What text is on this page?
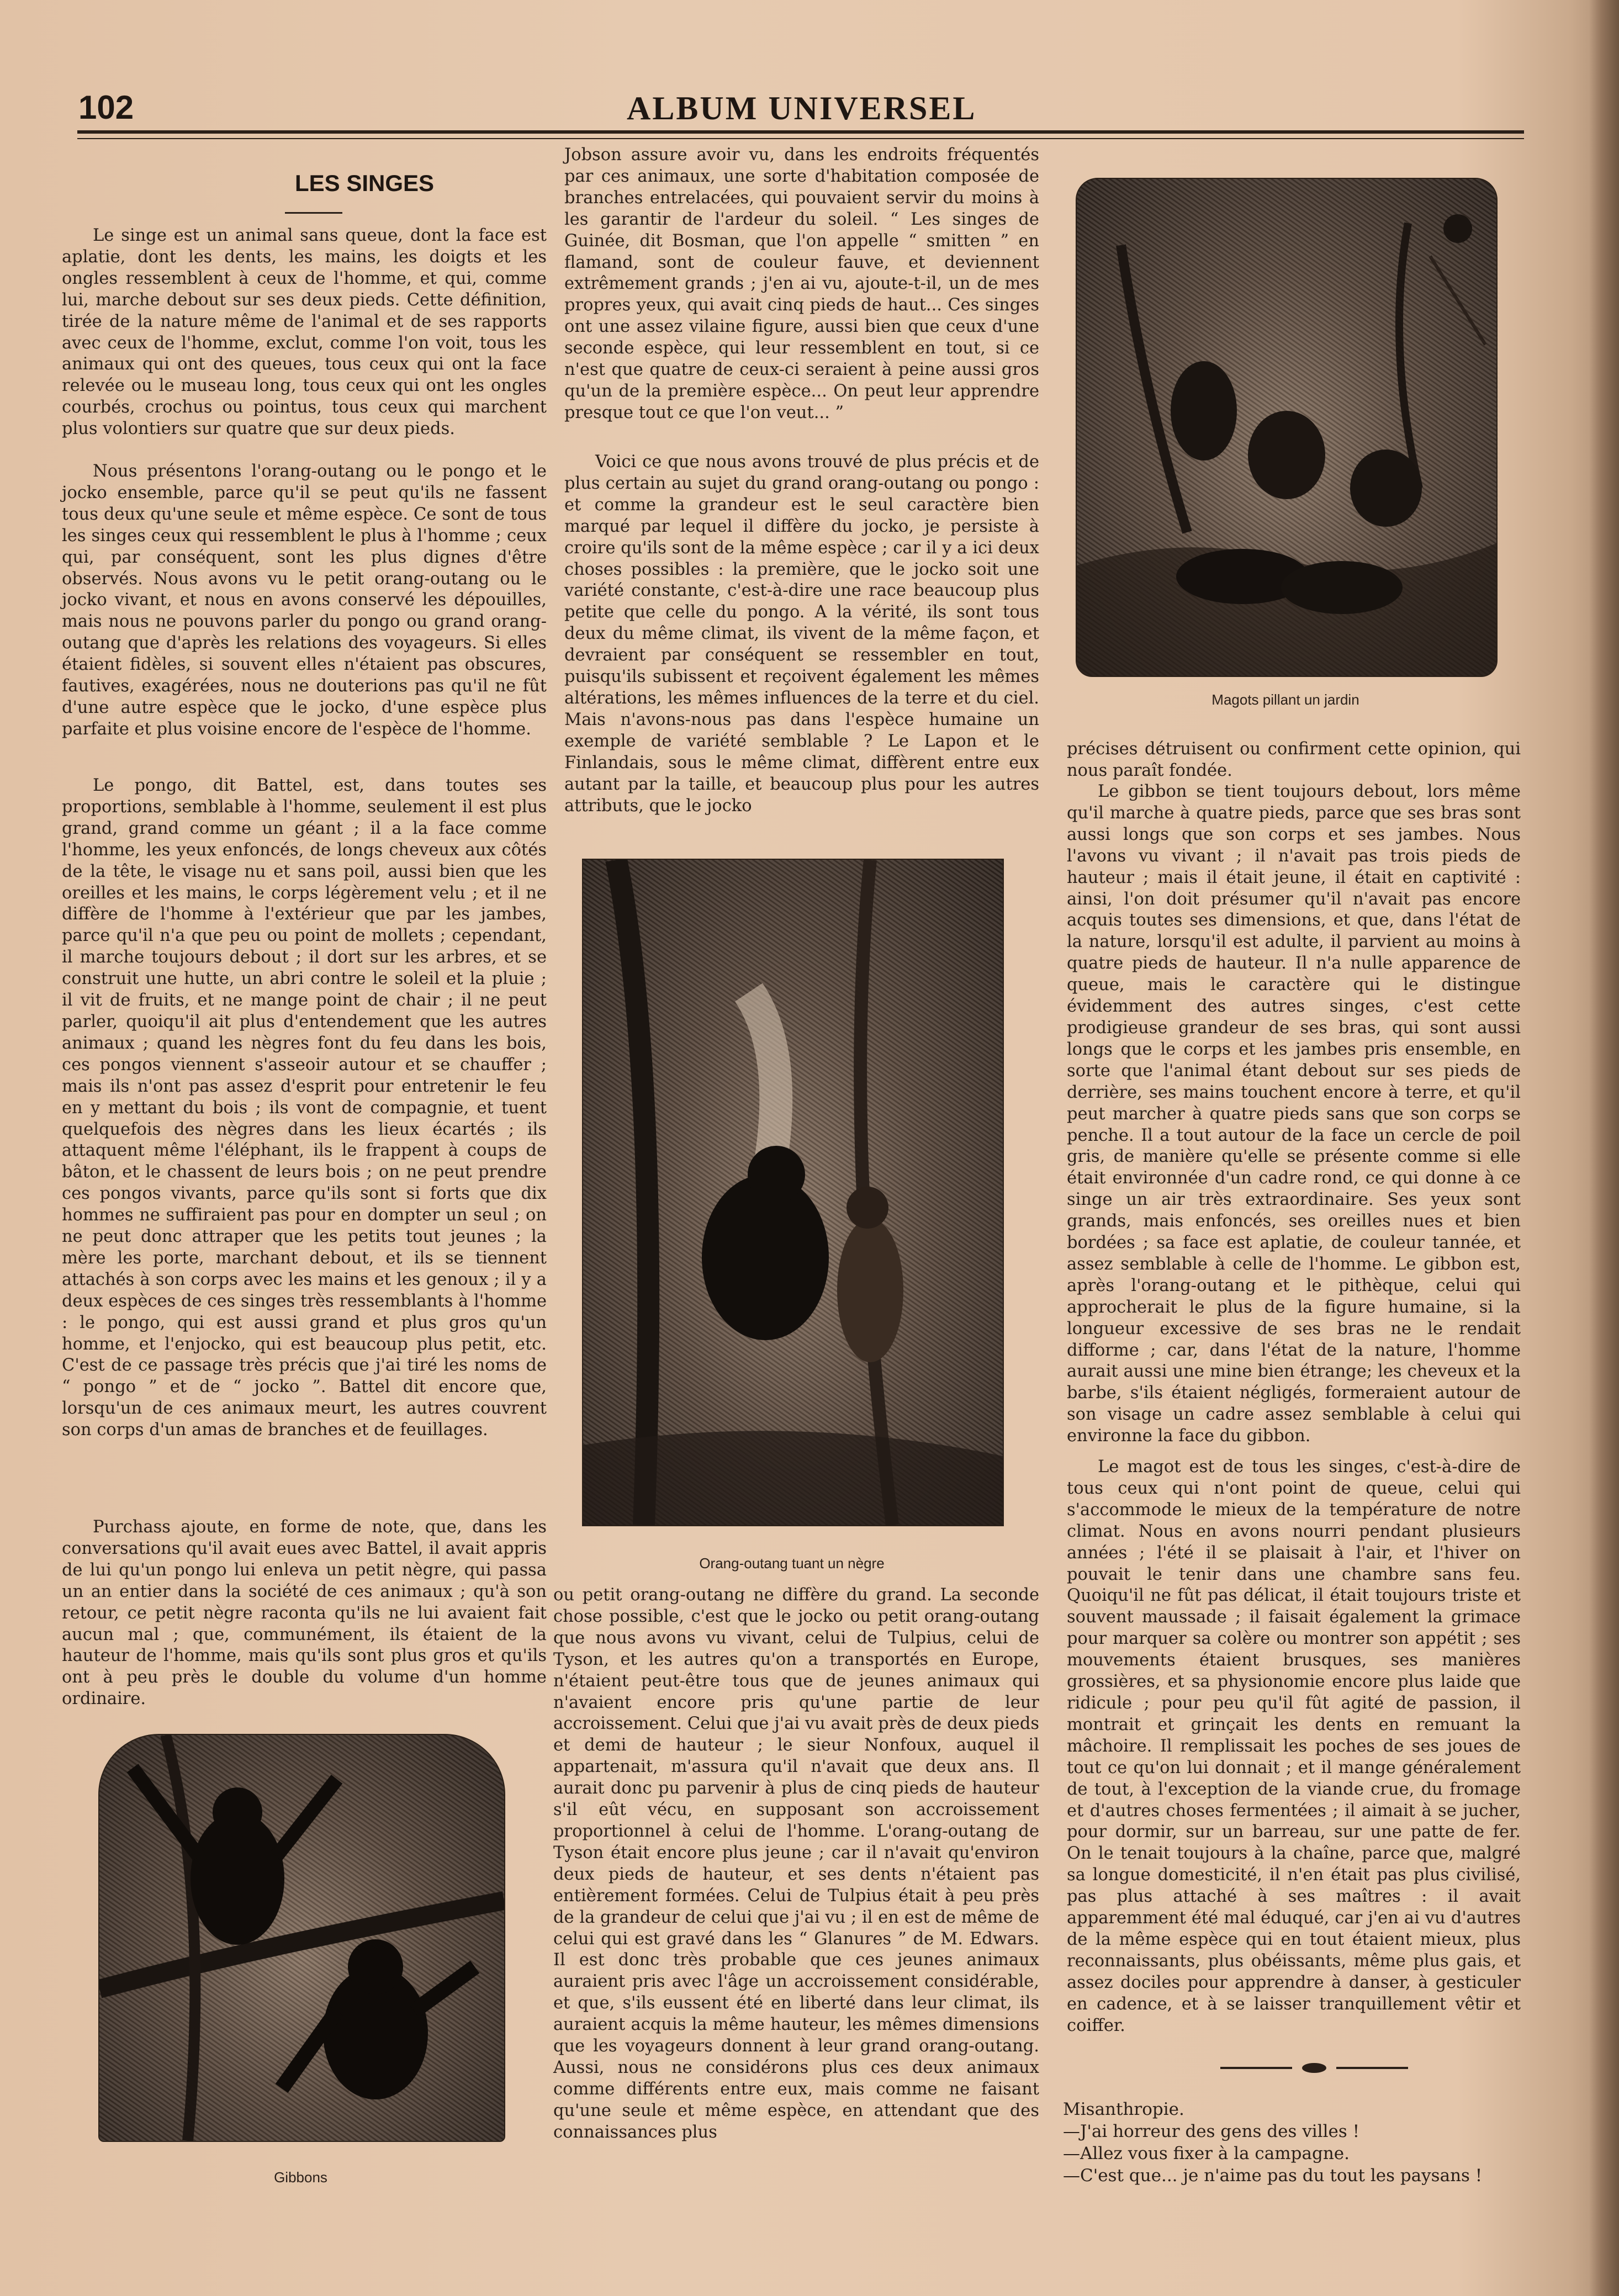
102	ALBUM UNIVERSEL
LES SINGES

Le singe est un animal sans queue, dont la face est aplatie, dont les dents, les mains, les doigts et les ongles ressemblent à ceux de l'homme, et qui, comme lui, marche debout sur ses deux pieds. Cette définition, tirée de la nature même de l'animal et de ses rapports avec ceux de l'homme, exclut, comme l'on voit, tous les animaux qui ont des queues, tous ceux qui ont la face relevée ou le museau long, tous ceux qui ont les ongles courbés, crochus ou pointus, tous ceux qui marchent plus volontiers sur quatre que sur deux pieds.

Nous présentons l'orang-outang ou le pongo et le jocko ensemble, parce qu'il se peut qu'ils ne fassent tous deux qu'une seule et même espèce. Ce sont de tous les singes ceux qui ressemblent le plus à l'homme ; ceux qui, par conséquent, sont les plus dignes d'être observés. Nous avons vu le petit orang-outang ou le jocko vivant, et nous en avons conservé les dépouilles, mais nous ne pouvons parler du pongo ou grand orang-outang que d'après les relations des voyageurs. Si elles étaient fidèles, si souvent elles n'étaient pas obscures, fautives, exagérées, nous ne douterions pas qu'il ne fût d'une autre espèce que le jocko, d'une espèce plus parfaite et plus voisine encore de l'espèce de l'homme.

Le pongo, dit Battel, est, dans toutes ses proportions, semblable à l'homme, seulement il est plus grand, grand comme un géant ; il a la face comme l'homme, les yeux enfoncés, de longs cheveux aux côtés de la tête, le visage nu et sans poil, aussi bien que les oreilles et les mains, le corps légèrement velu ; et il ne diffère de l'homme à l'extérieur que par les jambes, parce qu'il n'a que peu ou point de mollets ; cependant, il marche toujours debout ; il dort sur les arbres, et se construit une hutte, un abri contre le soleil et la pluie ; il vit de fruits, et ne mange point de chair ; il ne peut parler, quoiqu'il ait plus d'entendement que les autres animaux ; quand les nègres font du feu dans les bois, ces pongos viennent s'asseoir autour et se chauffer ; mais ils n'ont pas assez d'esprit pour entretenir le feu en y mettant du bois ; ils vont de compagnie, et tuent quelquefois des nègres dans les lieux écartés ; ils attaquent même l'éléphant, ils le frappent à coups de bâton, et le chassent de leurs bois ; on ne peut prendre ces pongos vivants, parce qu'ils sont si forts que dix hommes ne suffiraient pas pour en dompter un seul ; on ne peut donc attraper que les petits tout jeunes ; la mère les porte, marchant debout, et ils se tiennent attachés à son corps avec les mains et les genoux ; il y a deux espèces de ces singes très ressemblants à l'homme : le pongo, qui est aussi grand et plus gros qu'un homme, et l'enjocko, qui est beaucoup plus petit, etc. C'est de ce passage très précis que j'ai tiré les noms de “ pongo ” et de “ jocko ”. Battel dit encore que, lorsqu'un de ces animaux meurt, les autres couvrent son corps d'un amas de branches et de feuillages.

Purchass ajoute, en forme de note, que, dans les conversations qu'il avait eues avec Battel, il avait appris de lui qu'un pongo lui enleva un petit nègre, qui passa un an entier dans la société de ces animaux ; qu'à son retour, ce petit nègre raconta qu'ils ne lui avaient fait aucun mal ; que, communément, ils étaient de la hauteur de l'homme, mais qu'ils sont plus gros et qu'ils ont à peu près le double du volume d'un homme ordinaire.

Jobson assure avoir vu, dans les endroits fréquentés par ces animaux, une sorte d'habitation composée de branches entrelacées, qui pouvaient servir du moins à les garantir de l'ardeur du soleil. “ Les singes de Guinée, dit Bosman, que l'on appelle “ smitten ” en flamand, sont de couleur fauve, et deviennent extrêmement grands ; j'en ai vu, ajoute-t-il, un de mes propres yeux, qui avait cinq pieds de haut... Ces singes ont une assez vilaine figure, aussi bien que ceux d'une seconde espèce, qui leur ressemblent en tout, si ce n'est que quatre de ceux-ci seraient à peine aussi gros qu'un de la première espèce... On peut leur apprendre presque tout ce que l'on veut... ”

Voici ce que nous avons trouvé de plus précis et de plus certain au sujet du grand orang-outang ou pongo : et comme la grandeur est le seul caractère bien marqué par lequel il diffère du jocko, je persiste à croire qu'ils sont de la même espèce ; car il y a ici deux choses possibles : la première, que le jocko soit une variété constante, c'est-à-dire une race beaucoup plus petite que celle du pongo. A la vérité, ils sont tous deux du même climat, ils vivent de la même façon, et devraient par conséquent se ressembler en tout, puisqu'ils subissent et reçoivent également les mêmes altérations, les mêmes influences de la terre et du ciel. Mais n'avons-nous pas dans l'espèce humaine un exemple de variété semblable ? Le Lapon et le Finlandais, sous le même climat, diffèrent entre eux autant par la taille, et beaucoup plus pour les autres attributs, que le jocko

ou petit orang-outang ne diffère du grand. La seconde chose possible, c'est que le jocko ou petit orang-outang que nous avons vu vivant, celui de Tulpius, celui de Tyson, et les autres qu'on a transportés en Europe, n'étaient peut-être tous que de jeunes animaux qui n'avaient encore pris qu'une partie de leur accroissement. Celui que j'ai vu avait près de deux pieds et demi de hauteur ; le sieur Nonfoux, auquel il appartenait, m'assura qu'il n'avait que deux ans. Il aurait donc pu parvenir à plus de cinq pieds de hauteur s'il eût vécu, en supposant son accroissement proportionnel à celui de l'homme. L'orang-outang de Tyson était encore plus jeune ; car il n'avait qu'environ deux pieds de hauteur, et ses dents n'étaient pas entièrement formées. Celui de Tulpius était à peu près de la grandeur de celui que j'ai vu ; il en est de même de celui qui est gravé dans les “ Glanures ” de M. Edwars. Il est donc très probable que ces jeunes animaux auraient pris avec l'âge un accroissement considérable, et que, s'ils eussent été en liberté dans leur climat, ils auraient acquis la même hauteur, les mêmes dimensions que les voyageurs donnent à leur grand orang-outang. Aussi, nous ne considérons plus ces deux animaux comme différents entre eux, mais comme ne faisant qu'une seule et même espèce, en attendant que des connaissances plus

précises détruisent ou confirment cette opinion, qui nous paraît fondée.

Le gibbon se tient toujours debout, lors même qu'il marche à quatre pieds, parce que ses bras sont aussi longs que son corps et ses jambes. Nous l'avons vu vivant ; il n'avait pas trois pieds de hauteur ; mais il était jeune, il était en captivité : ainsi, l'on doit présumer qu'il n'avait pas encore acquis toutes ses dimensions, et que, dans l'état de la nature, lorsqu'il est adulte, il parvient au moins à quatre pieds de hauteur. Il n'a nulle apparence de queue, mais le caractère qui le distingue évidemment des autres singes, c'est cette prodigieuse grandeur de ses bras, qui sont aussi longs que le corps et les jambes pris ensemble, en sorte que l'animal étant debout sur ses pieds de derrière, ses mains touchent encore à terre, et qu'il peut marcher à quatre pieds sans que son corps se penche. Il a tout autour de la face un cercle de poil gris, de manière qu'elle se présente comme si elle était environnée d'un cadre rond, ce qui donne à ce singe un air très extraordinaire. Ses yeux sont grands, mais enfoncés, ses oreilles nues et bien bordées ; sa face est aplatie, de couleur tannée, et assez semblable à celle de l'homme. Le gibbon est, après l'orang-outang et le pithèque, celui qui approcherait le plus de la figure humaine, si la longueur excessive de ses bras ne le rendait difforme ; car, dans l'état de la nature, l'homme aurait aussi une mine bien étrange; les cheveux et la barbe, s'ils étaient négligés, formeraient autour de son visage un cadre assez semblable à celui qui environne la face du gibbon.

Le magot est de tous les singes, c'est-à-dire de tous ceux qui n'ont point de queue, celui qui s'accommode le mieux de la température de notre climat. Nous en avons nourri pendant plusieurs années ; l'été il se plaisait à l'air, et l'hiver on pouvait le tenir dans une chambre sans feu. Quoiqu'il ne fût pas délicat, il était toujours triste et souvent maussade ; il faisait également la grimace pour marquer sa colère ou montrer son appétit ; ses mouvements étaient brusques, ses manières grossières, et sa physionomie encore plus laide que ridicule ; pour peu qu'il fût agité de passion, il montrait et grinçait les dents en remuant la mâchoire. Il remplissait les poches de ses joues de tout ce qu'on lui donnait ; et il mange généralement de tout, à l'exception de la viande crue, du fromage et d'autres choses fermentées ; il aimait à se jucher, pour dormir, sur un barreau, sur une patte de fer. On le tenait toujours à la chaîne, parce que, malgré sa longue domesticité, il n'en était pas plus civilisé, pas plus attaché à ses maîtres : il avait apparemment été mal éduqué, car j'en ai vu d'autres de la même espèce qui en tout étaient mieux, plus reconnaissants, plus obéissants, même plus gais, et assez dociles pour apprendre à danser, à gesticuler en cadence, et à se laisser tranquillement vêtir et coiffer.

Magots pillant un jardin
Orang-outang tuant un nègre
Gibbons
Misanthropie.
—J'ai horreur des gens des villes !
—Allez vous fixer à la campagne.
—C'est que... je n'aime pas du tout les paysans !
